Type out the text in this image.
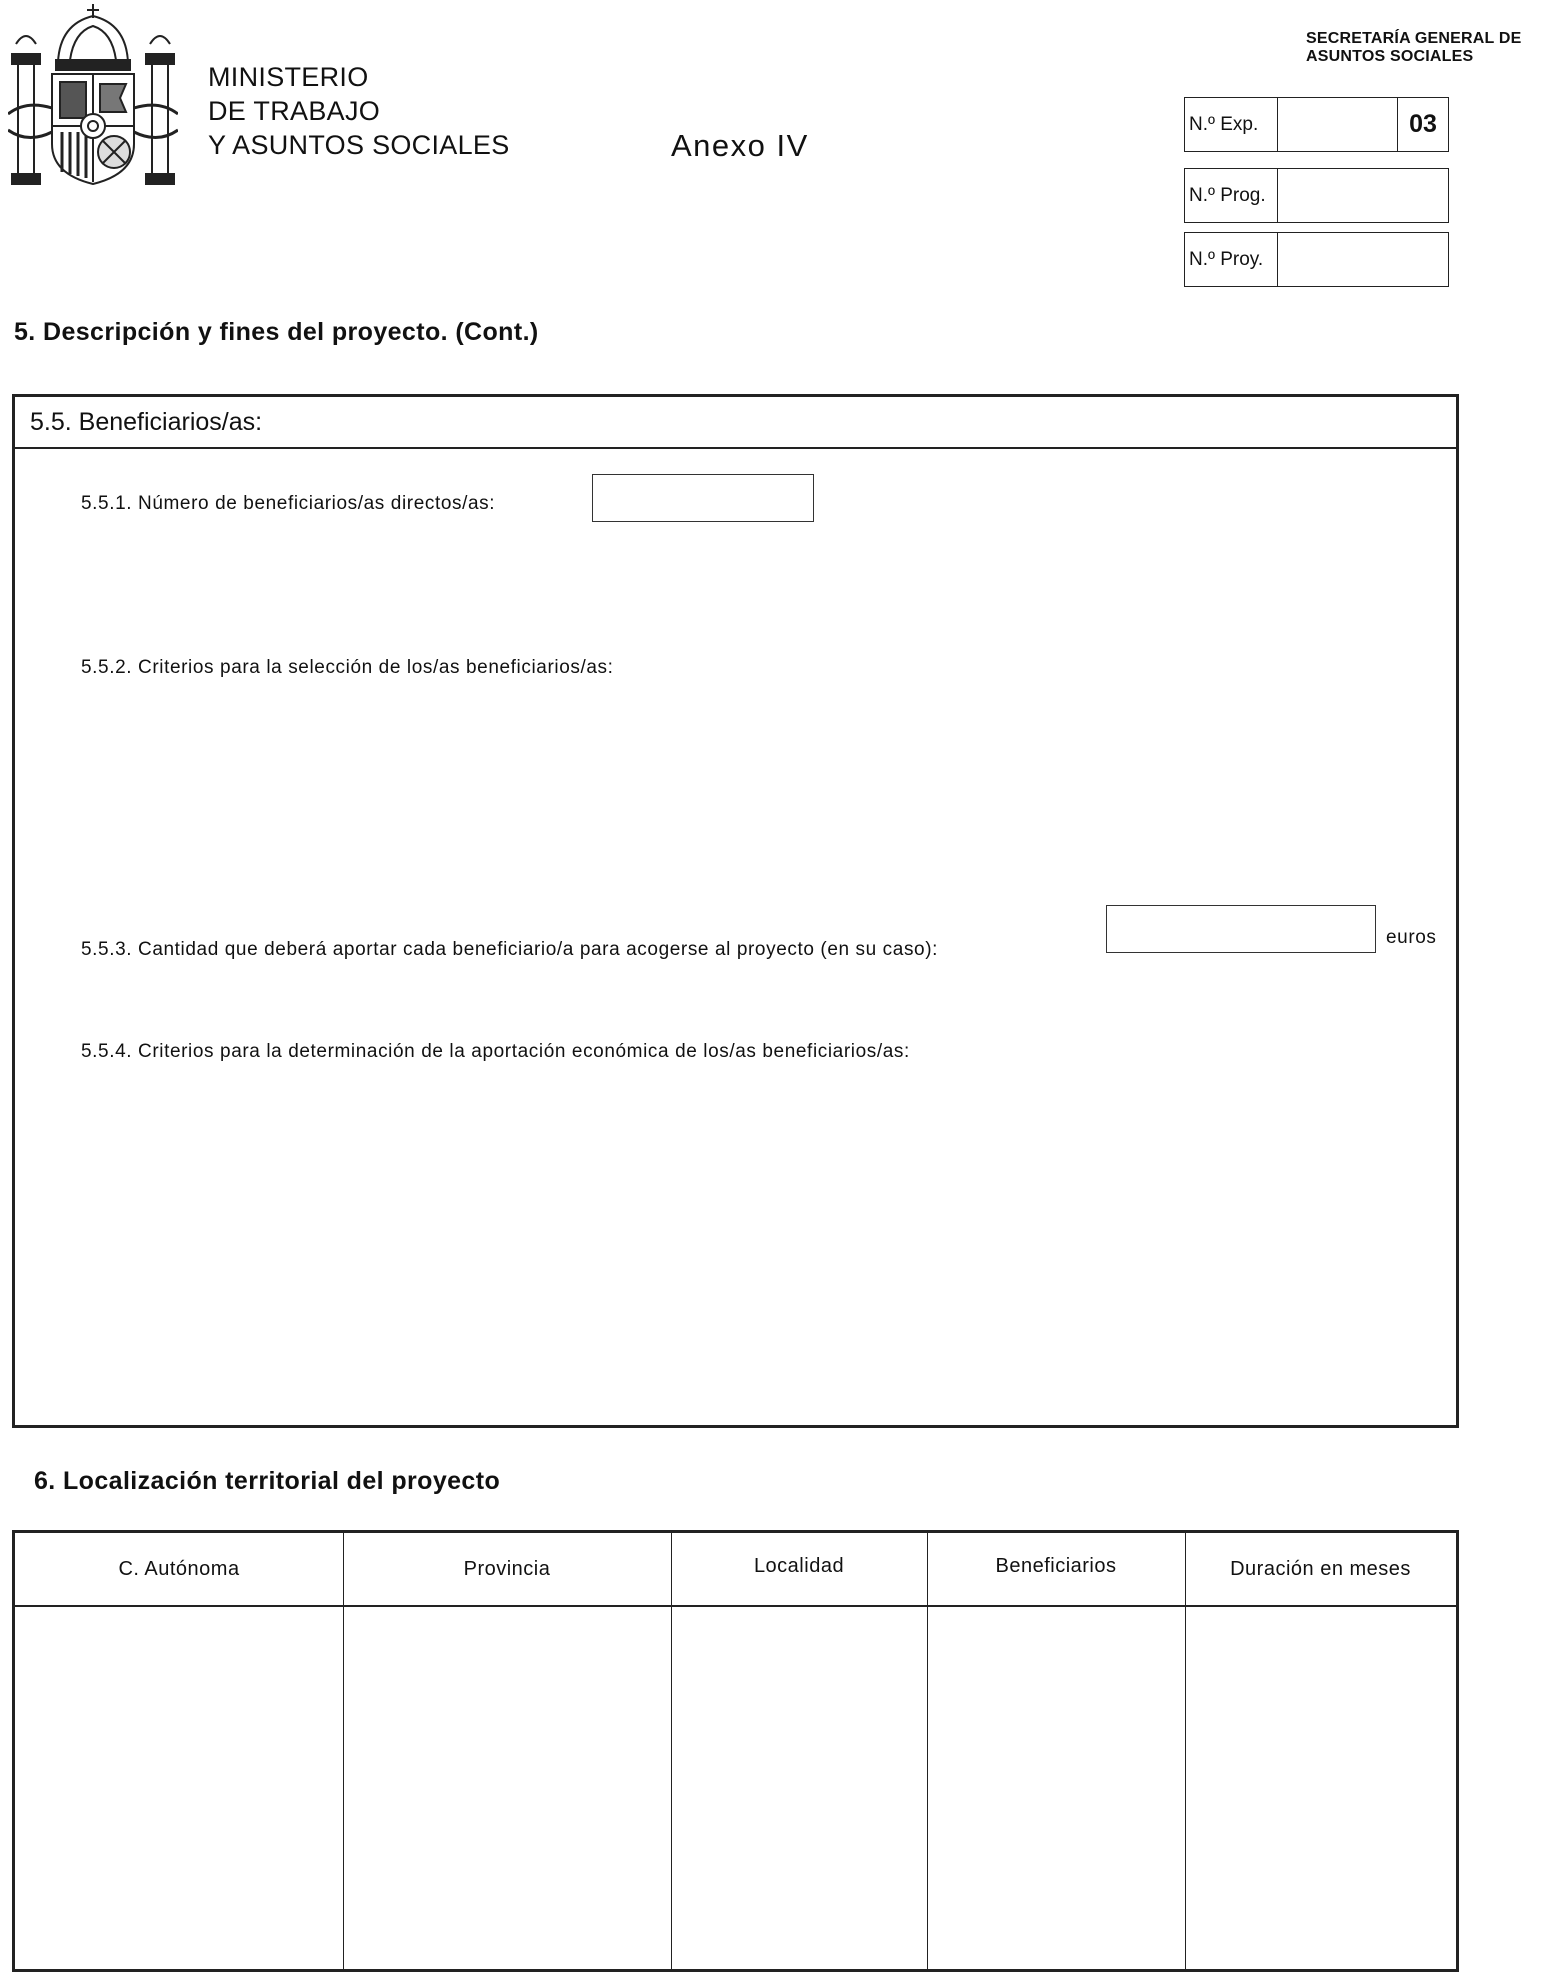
MINISTERIO
DE TRABAJO
Y ASUNTOS SOCIALES	Anexo IV
SECRETARÍA GENERAL DE
ASUNTOS SOCIALES
N.º Exp.	03
N.º Prog.
N.º Proy.
5. Descripción y fines del proyecto. (Cont.)
5.5. Beneficiarios/as:
5.5.1. Número de beneficiarios/as directos/as:
5.5.2. Criterios para la selección de los/as beneficiarios/as:
5.5.3. Cantidad que deberá aportar cada beneficiario/a para acogerse al proyecto (en su caso):
euros
5.5.4. Criterios para la determinación de la aportación económica de los/as beneficiarios/as:
6. Localización territorial del proyecto
C. Autónoma	Provincia	Localidad	Beneficiarios	Duración en meses
